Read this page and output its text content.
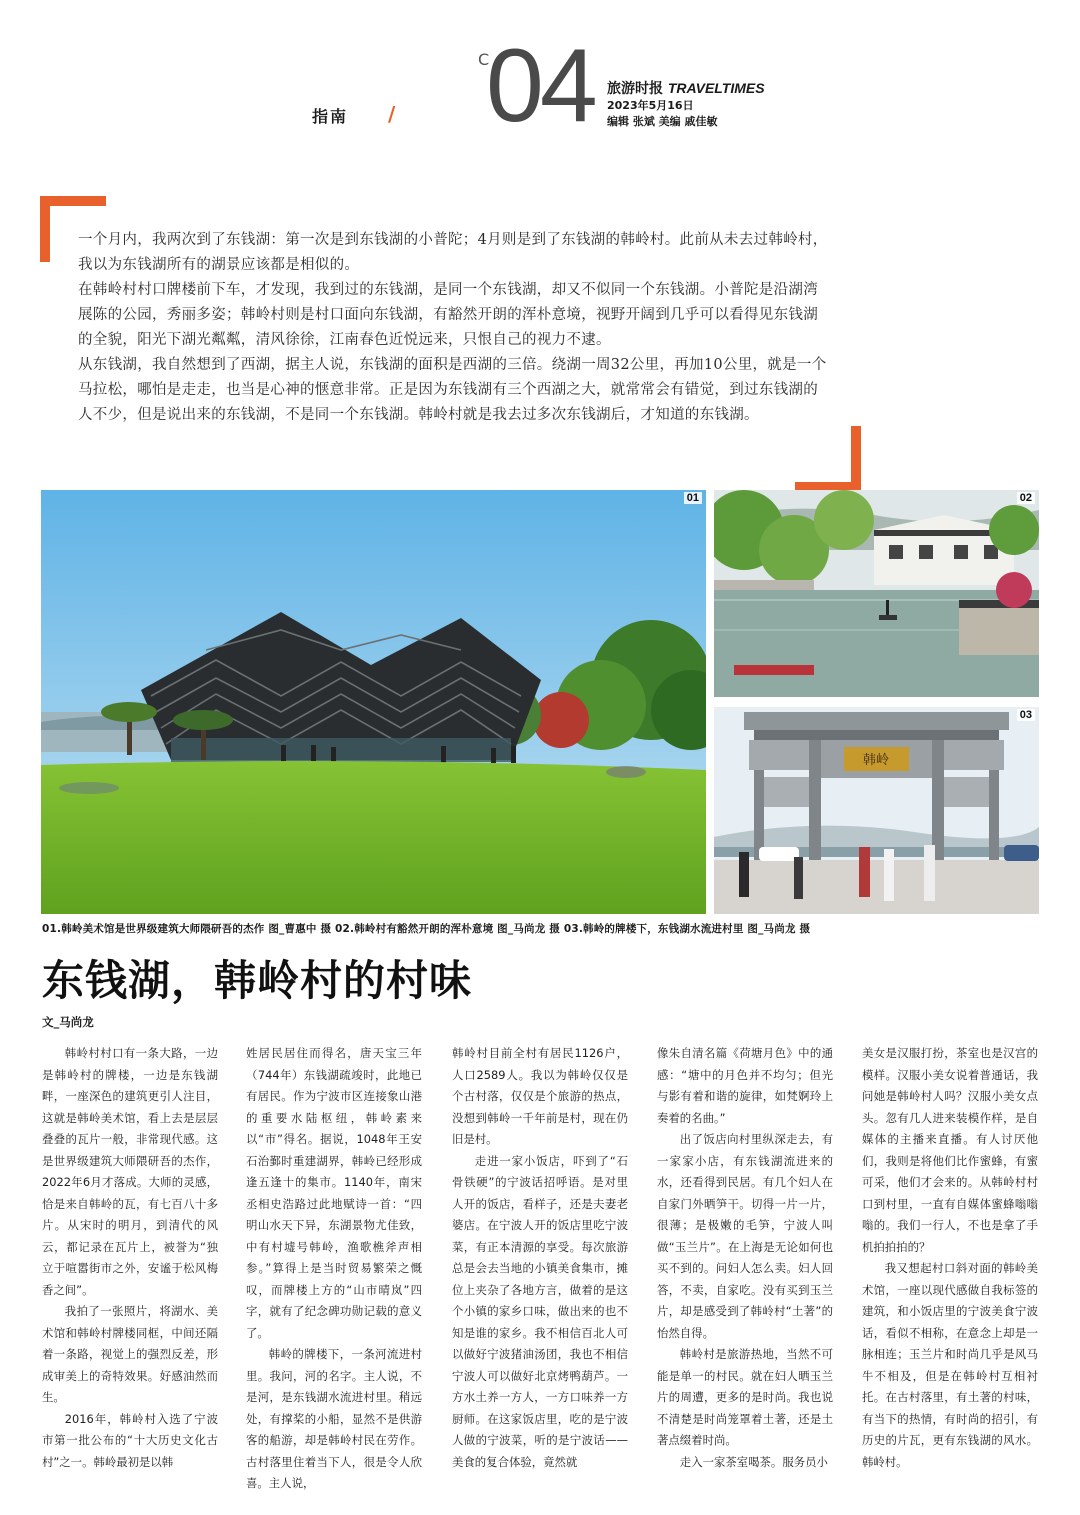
指南 /
C
04 旅游时报 TRAVELTIMES
2023年5月16日
编辑 张斌 美编 戚佳敏

一个月内，我两次到了东钱湖：第一次是到东钱湖的小普陀；4月则是到了东钱湖的韩岭村。此前从未去过韩岭村，我以为东钱湖所有的湖景应该都是相似的。

在韩岭村村口牌楼前下车，才发现，我到过的东钱湖，是同一个东钱湖，却又不似同一个东钱湖。小普陀是沿湖湾展陈的公园，秀丽多姿；韩岭村则是村口面向东钱湖，有豁然开朗的浑朴意境，视野开阔到几乎可以看得见东钱湖的全貌，阳光下湖光粼粼，清风徐徐，江南春色近悦远来，只恨自己的视力不逮。

从东钱湖，我自然想到了西湖，据主人说，东钱湖的面积是西湖的三倍。绕湖一周32公里，再加10公里，就是一个马拉松，哪怕是走走，也当是心神的惬意非常。正是因为东钱湖有三个西湖之大，就常常会有错觉，到过东钱湖的人不少，但是说出来的东钱湖，不是同一个东钱湖。韩岭村就是我去过多次东钱湖后，才知道的东钱湖。

01	02
韩岭
03
01.韩岭美术馆是世界级建筑大师隈研吾的杰作 图_曹惠中 摄 02.韩岭村有豁然开朗的浑朴意境 图_马尚龙 摄 03.韩岭的牌楼下，东钱湖水流进村里 图_马尚龙 摄
东钱湖，韩岭村的村味
文_马尚龙

韩岭村村口有一条大路，一边是韩岭村的牌楼，一边是东钱湖畔，一座深色的建筑更引人注目，这就是韩岭美术馆，看上去是层层叠叠的瓦片一般，非常现代感。这是世界级建筑大师隈研吾的杰作，2022年6月才落成。大师的灵感，恰是来自韩岭的瓦，有七百八十多片。从宋时的明月，到清代的风云，都记录在瓦片上，被誉为“独立于喧嚣街市之外，安谧于松风梅香之间”。

我拍了一张照片，将湖水、美术馆和韩岭村牌楼同框，中间还隔着一条路，视觉上的强烈反差，形成审美上的奇特效果。好感油然而生。

2016年，韩岭村入选了宁波市第一批公布的“十大历史文化古村”之一。韩岭最初是以韩

姓居民居住而得名，唐天宝三年（744年）东钱湖疏竣时，此地已有居民。作为宁波市区连接象山港的重要水陆枢纽，韩岭素来以“市”得名。据说，1048年王安石治鄞时重建湖界，韩岭已经形成逢五逢十的集市。1140年，南宋丞相史浩路过此地赋诗一首：“四明山水天下异，东湖景物尤佳致，中有村墟号韩岭，渔歌樵斧声相参。”算得上是当时贸易繁荣之慨叹，而牌楼上方的“山市晴岚”四字，就有了纪念碑功勋记载的意义了。

韩岭的牌楼下，一条河流进村里。我问，河的名字。主人说，不是河，是东钱湖水流进村里。稍远处，有撑桨的小船，显然不是供游客的船游，却是韩岭村民在劳作。古村落里住着当下人，很是令人欣喜。主人说，

韩岭村目前全村有居民1126户，人口2589人。我以为韩岭仅仅是个古村落，仅仅是个旅游的热点，没想到韩岭一千年前是村，现在仍旧是村。

走进一家小饭店，吓到了“石骨铁硬”的宁波话招呼语。是对里人开的饭店，看样子，还是夫妻老婆店。在宁波人开的饭店里吃宁波菜，有正本清源的享受。每次旅游总是会去当地的小镇美食集市，摊位上夹杂了各地方言，做着的是这个小镇的家乡口味，做出来的也不知是谁的家乡。我不相信百北人可以做好宁波猪油汤团，我也不相信宁波人可以做好北京烤鸭葫芦。一方水土养一方人，一方口味养一方厨师。在这家饭店里，吃的是宁波人做的宁波菜，听的是宁波话——美食的复合体验，竟然就

像朱自清名篇《荷塘月色》中的通感：“塘中的月色并不均匀；但光与影有着和谐的旋律，如梵婀玲上奏着的名曲。”

出了饭店向村里纵深走去，有一家家小店，有东钱湖流进来的水，还看得到民居。有几个妇人在自家门外晒笋干。切得一片一片，很薄；是极嫩的毛笋，宁波人叫做“玉兰片”。在上海是无论如何也买不到的。问妇人怎么卖。妇人回答，不卖，自家吃。没有买到玉兰片，却是感受到了韩岭村“土著”的怡然自得。

韩岭村是旅游热地，当然不可能是单一的村民。就在妇人晒玉兰片的周遭，更多的是时尚。我也说不清楚是时尚笼罩着土著，还是土著点缀着时尚。

走入一家茶室喝茶。服务员小

美女是汉服打扮，茶室也是汉宫的模样。汉服小美女说着普通话，我问她是韩岭村人吗？汉服小美女点头。忽有几人进来装模作样，是自媒体的主播来直播。有人讨厌他们，我则是将他们比作蜜蜂，有蜜可采，他们才会来的。从韩岭村村口到村里，一直有自媒体蜜蜂嗡嗡嗡的。我们一行人，不也是拿了手机拍拍拍的？

我又想起村口斜对面的韩岭美术馆，一座以现代感做自我标签的建筑，和小饭店里的宁波美食宁波话，看似不相称，在意念上却是一脉相连；玉兰片和时尚几乎是风马牛不相及，但是在韩岭村互相衬托。在古村落里，有土著的村味，有当下的热情，有时尚的招引，有历史的片瓦，更有东钱湖的风水。韩岭村。
